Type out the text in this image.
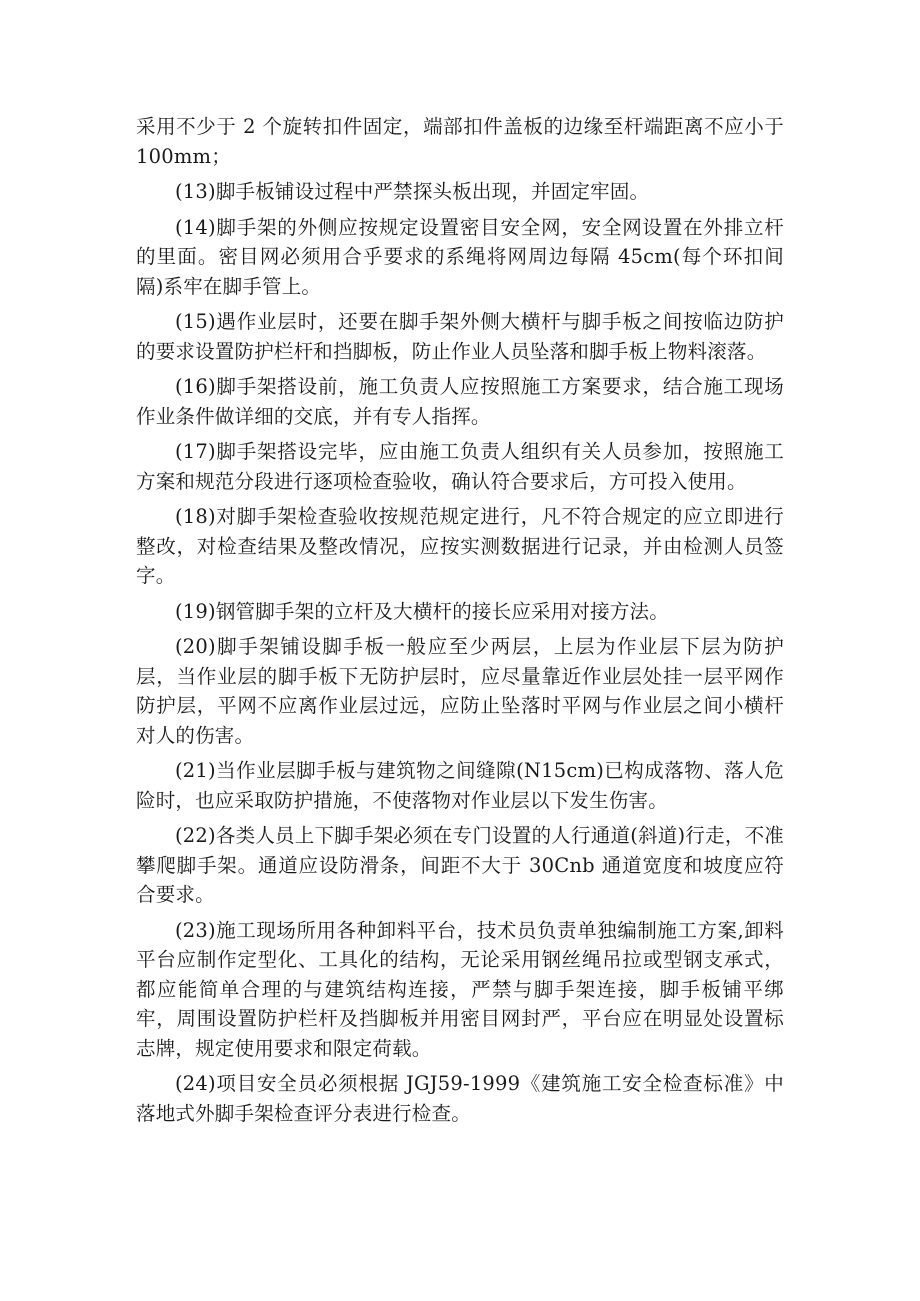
采用不少于 2 个旋转扣件固定，端部扣件盖板的边缘至杆端距离不应小于100mm；

(13)脚手板铺设过程中严禁探头板出现，并固定牢固。

(14)脚手架的外侧应按规定设置密目安全网，安全网设置在外排立杆的里面。密目网必须用合乎要求的系绳将网周边每隔 45cm(每个环扣间隔)系牢在脚手管上。

(15)遇作业层时，还要在脚手架外侧大横杆与脚手板之间按临边防护的要求设置防护栏杆和挡脚板，防止作业人员坠落和脚手板上物料滚落。

(16)脚手架搭设前，施工负责人应按照施工方案要求，结合施工现场作业条件做详细的交底，并有专人指挥。

(17)脚手架搭设完毕，应由施工负责人组织有关人员参加，按照施工方案和规范分段进行逐项检查验收，确认符合要求后，方可投入使用。

(18)对脚手架检查验收按规范规定进行，凡不符合规定的应立即进行整改，对检查结果及整改情况，应按实测数据进行记录，并由检测人员签字。

(19)钢管脚手架的立杆及大横杆的接长应采用对接方法。

(20)脚手架铺设脚手板一般应至少两层，上层为作业层下层为防护层，当作业层的脚手板下无防护层时，应尽量靠近作业层处挂一层平网作防护层，平网不应离作业层过远，应防止坠落时平网与作业层之间小横杆对人的伤害。

(21)当作业层脚手板与建筑物之间缝隙(N15cm)已构成落物、落人危险时，也应采取防护措施，不使落物对作业层以下发生伤害。

(22)各类人员上下脚手架必须在专门设置的人行通道(斜道)行走，不准攀爬脚手架。通道应设防滑条，间距不大于 30Cnb 通道宽度和坡度应符合要求。

(23)施工现场所用各种卸料平台，技术员负责单独编制施工方案,卸料平台应制作定型化、工具化的结构，无论采用钢丝绳吊拉或型钢支承式，都应能简单合理的与建筑结构连接，严禁与脚手架连接，脚手板铺平绑牢，周围设置防护栏杆及挡脚板并用密目网封严，平台应在明显处设置标志牌，规定使用要求和限定荷载。

(24)项目安全员必须根据 JGJ59-1999《建筑施工安全检查标准》中落地式外脚手架检查评分表进行检查。
